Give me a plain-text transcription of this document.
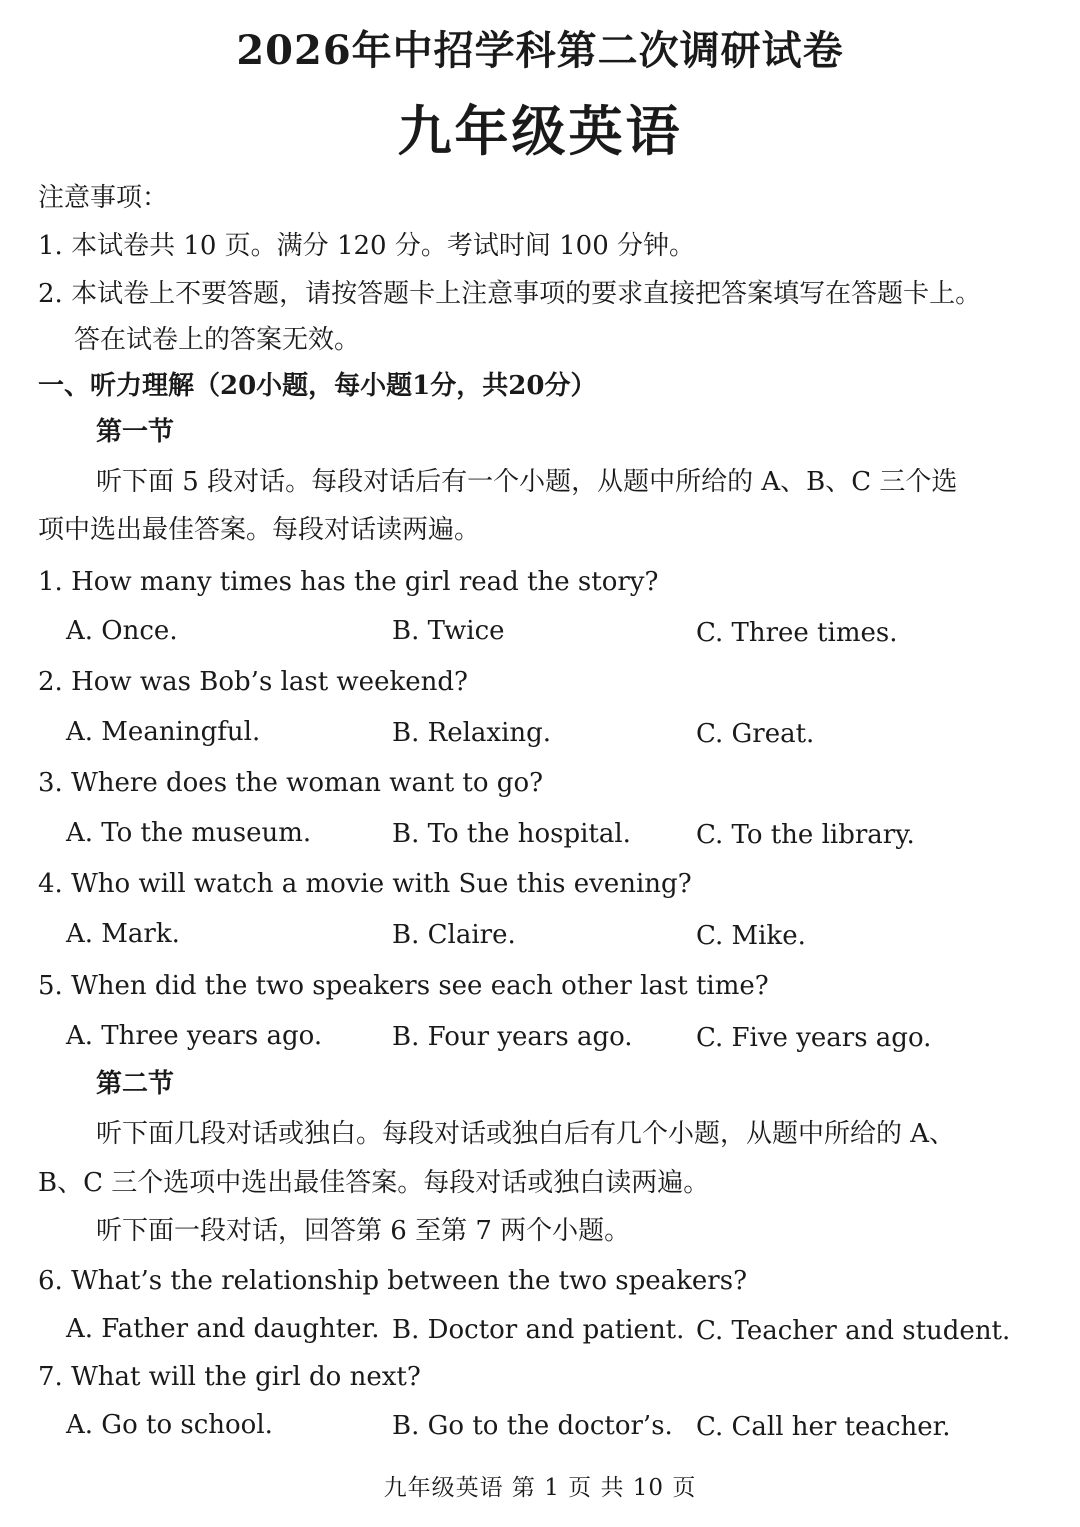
2026年中招学科第二次调研试卷
九年级英语
注意事项：
1. 本试卷共 10 页。满分 120 分。考试时间 100 分钟。
2. 本试卷上不要答题，请按答题卡上注意事项的要求直接把答案填写在答题卡上。
答在试卷上的答案无效。
一、听力理解（20小题，每小题1分，共20分）
第一节
听下面 5 段对话。每段对话后有一个小题，从题中所给的 A、B、C 三个选
项中选出最佳答案。每段对话读两遍。
1. How many times has the girl read the story?
A. Once.	B. Twice	C. Three times.
2. How was Bob’s last weekend?
A. Meaningful.	B. Relaxing.	C. Great.
3. Where does the woman want to go?
A. To the museum.	B. To the hospital.	C. To the library.
4. Who will watch a movie with Sue this evening?
A. Mark.	B. Claire.	C. Mike.
5. When did the two speakers see each other last time?
A. Three years ago.	B. Four years ago. C. Five years ago.
第二节
听下面几段对话或独白。每段对话或独白后有几个小题，从题中所给的 A、
B、C 三个选项中选出最佳答案。每段对话或独白读两遍。
听下面一段对话，回答第 6 至第 7 两个小题。
6. What’s the relationship between the two speakers?
A. Father and daughter. B. Doctor and patient. C. Teacher and student.
7. What will the girl do next?
A. Go to school.	B. Go to the doctor’s. C. Call her teacher.
九年级英语 第 1 页 共 10 页
